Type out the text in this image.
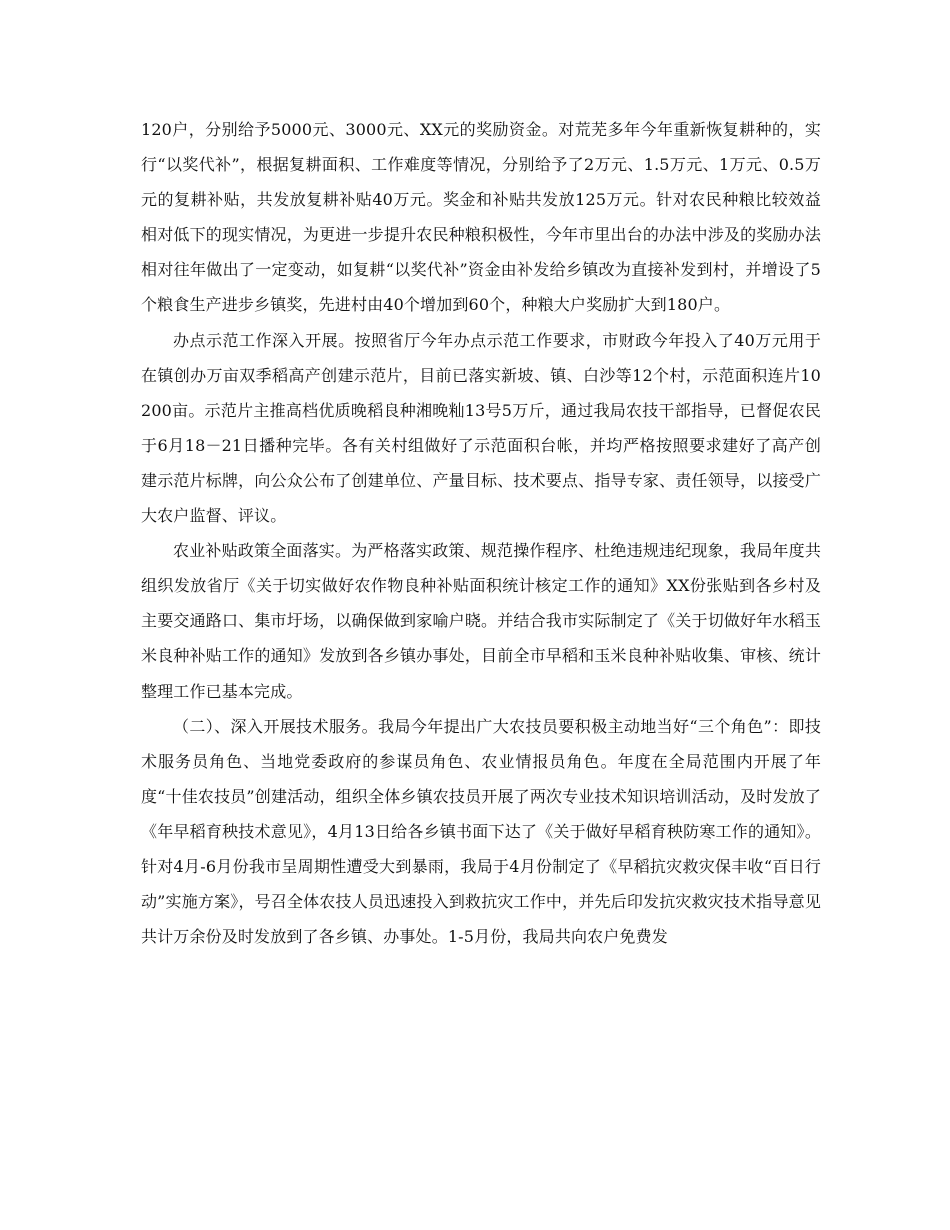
120户，分别给予5000元、3000元、XX元的奖励资金。对荒芜多年今年重新恢复耕种的，实行“以奖代补”，根据复耕面积、工作难度等情况，分别给予了2万元、1.5万元、1万元、0.5万元的复耕补贴，共发放复耕补贴40万元。奖金和补贴共发放125万元。针对农民种粮比较效益相对低下的现实情况，为更进一步提升农民种粮积极性，今年市里出台的办法中涉及的奖励办法相对往年做出了一定变动，如复耕“以奖代补”资金由补发给乡镇改为直接补发到村，并增设了5个粮食生产进步乡镇奖，先进村由40个增加到60个，种粮大户奖励扩大到180户。

办点示范工作深入开展。按照省厅今年办点示范工作要求，市财政今年投入了40万元用于在镇创办万亩双季稻高产创建示范片，目前已落实新坡、镇、白沙等12个村，示范面积连片10200亩。示范片主推高档优质晚稻良种湘晚籼13号5万斤，通过我局农技干部指导，已督促农民于6月18－21日播种完毕。各有关村组做好了示范面积台帐，并均严格按照要求建好了高产创建示范片标牌，向公众公布了创建单位、产量目标、技术要点、指导专家、责任领导，以接受广大农户监督、评议。

农业补贴政策全面落实。为严格落实政策、规范操作程序、杜绝违规违纪现象，我局年度共组织发放省厅《关于切实做好农作物良种补贴面积统计核定工作的通知》XX份张贴到各乡村及主要交通路口、集市圩场，以确保做到家喻户晓。并结合我市实际制定了《关于切做好年水稻玉米良种补贴工作的通知》发放到各乡镇办事处，目前全市早稻和玉米良种补贴收集、审核、统计整理工作已基本完成。

（二）、深入开展技术服务。我局今年提出广大农技员要积极主动地当好“三个角色”：即技术服务员角色、当地党委政府的参谋员角色、农业情报员角色。年度在全局范围内开展了年度“十佳农技员”创建活动，组织全体乡镇农技员开展了两次专业技术知识培训活动，及时发放了《年早稻育秧技术意见》，4月13日给各乡镇书面下达了《关于做好早稻育秧防寒工作的通知》。针对4月-6月份我市呈周期性遭受大到暴雨，我局于4月份制定了《早稻抗灾救灾保丰收“百日行动”实施方案》，号召全体农技人员迅速投入到救抗灾工作中，并先后印发抗灾救灾技术指导意见共计万余份及时发放到了各乡镇、办事处。1-5月份，我局共向农户免费发
